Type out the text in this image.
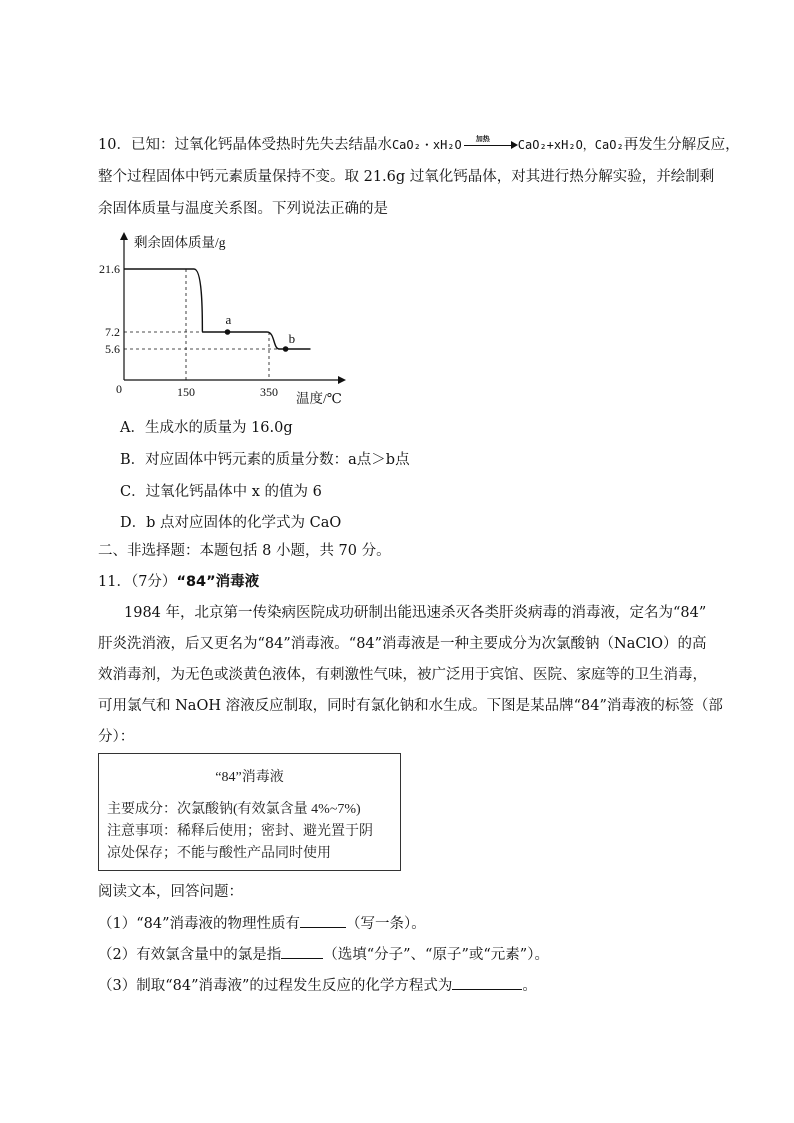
10．已知：过氧化钙晶体受热时先失去结晶水CaO₂・xH₂O 加热 CaO₂+xH₂O，CaO₂再发生分解反应，
整个过程固体中钙元素质量保持不变。取 21.6g 过氧化钙晶体，对其进行热分解实验，并绘制剩
余固体质量与温度关系图。下列说法正确的是
剩余固体质量/g
温度/℃
0	150	350
21.6
7.2
5.6
a
b
A．生成水的质量为 16.0g
B．对应固体中钙元素的质量分数：a点＞b点
C．过氧化钙晶体中 x 的值为 6
D．b 点对应固体的化学式为 CaO
二、非选择题：本题包括 8 小题，共 70 分。
11．（7分）“84”消毒液
1984 年，北京第一传染病医院成功研制出能迅速杀灭各类肝炎病毒的消毒液，定名为“84”
肝炎洗消液，后又更名为“84”消毒液。“84”消毒液是一种主要成分为次氯酸钠（NaClO）的高
效消毒剂，为无色或淡黄色液体，有刺激性气味，被广泛用于宾馆、医院、家庭等的卫生消毒，
可用氯气和 NaOH 溶液反应制取，同时有氯化钠和水生成。下图是某品牌“84”消毒液的标签（部
分）：
“84”消毒液
主要成分：次氯酸钠(有效氯含量 4%~7%)
注意事项：稀释后使用；密封、避光置于阴
凉处保存；不能与酸性产品同时使用
阅读文本，回答问题：
（1）“84”消毒液的物理性质有	（写一条）。
（2）有效氯含量中的氯是指	（选填“分子”、“原子”或“元素”）。
（3）制取“84”消毒液”的过程发生反应的化学方程式为	。
